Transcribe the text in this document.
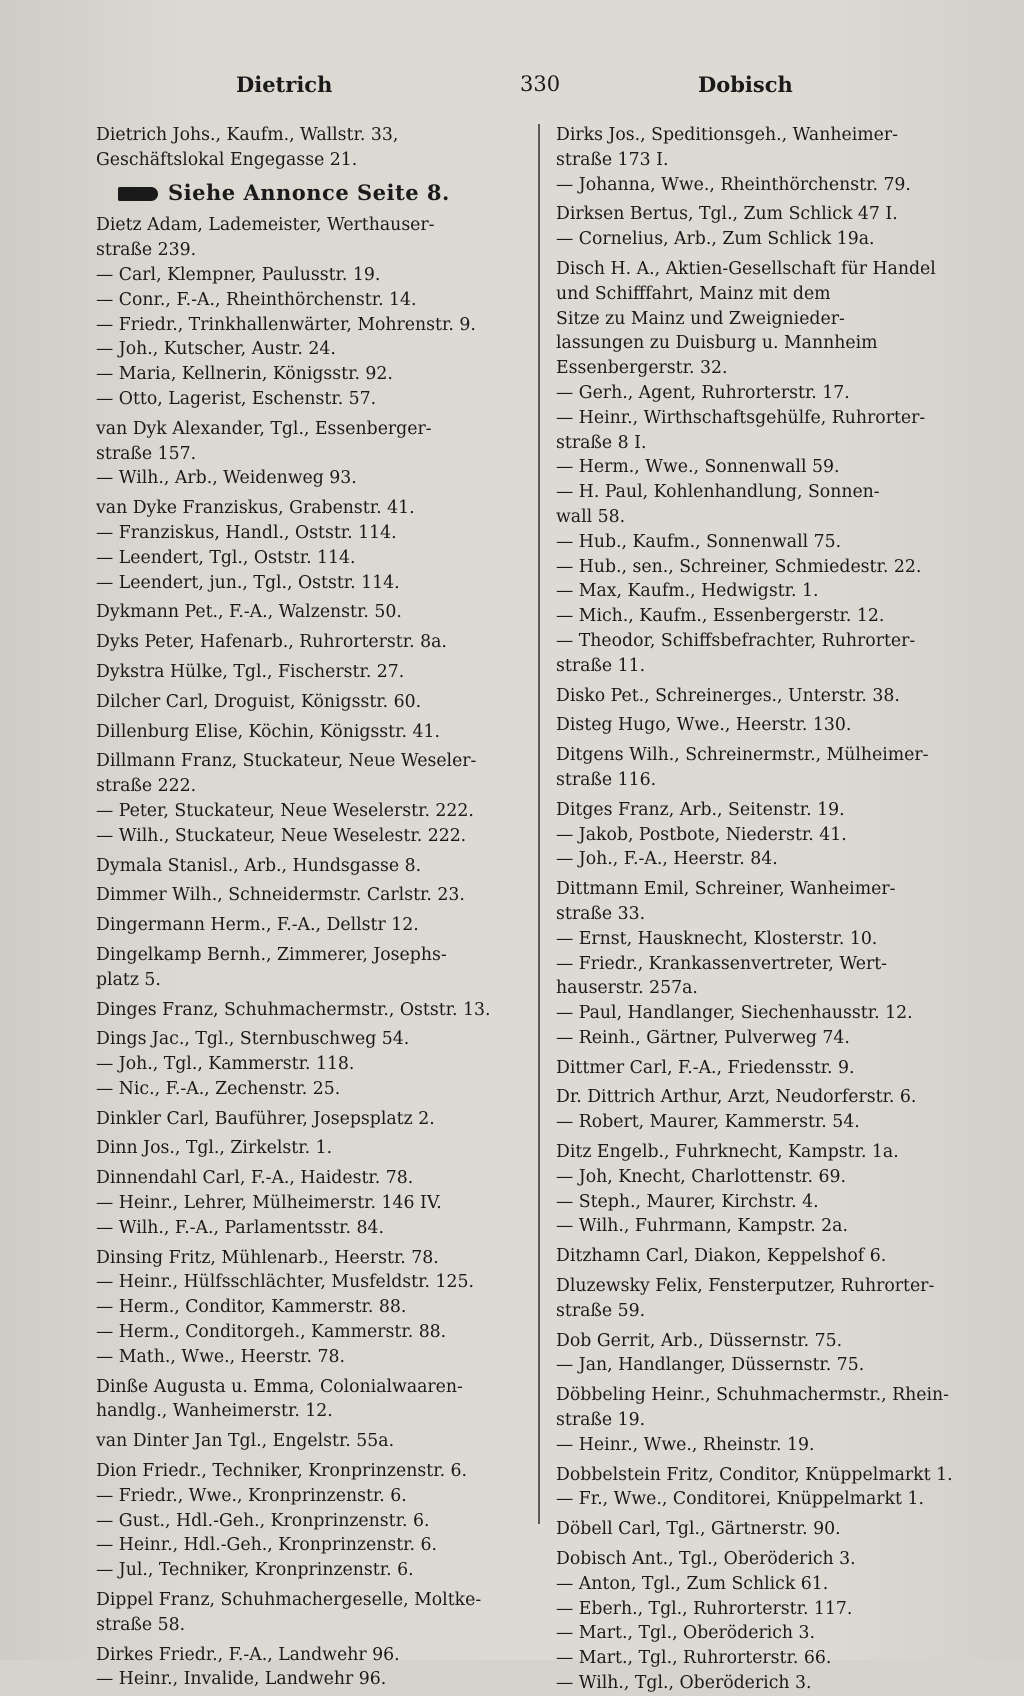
Dietrich	330	Dobisch
Dietrich Johs., Kaufm., Wallstr. 33,
Geschäftslokal Engegasse 21.
Siehe Annonce Seite 8.
Dietz Adam, Lademeister, Werthauser-
straße 239.
— Carl, Klempner, Paulusstr. 19.
— Conr., F.-A., Rheinthörchenstr. 14.
— Friedr., Trinkhallenwärter, Mohrenstr. 9.
— Joh., Kutscher, Austr. 24.
— Maria, Kellnerin, Königsstr. 92.
— Otto, Lagerist, Eschenstr. 57.
van Dyk Alexander, Tgl., Essenberger-
straße 157.
— Wilh., Arb., Weidenweg 93.
van Dyke Franziskus, Grabenstr. 41.
— Franziskus, Handl., Oststr. 114.
— Leendert, Tgl., Oststr. 114.
— Leendert, jun., Tgl., Oststr. 114.
Dykmann Pet., F.-A., Walzenstr. 50.
Dyks Peter, Hafenarb., Ruhrorterstr. 8a.
Dykstra Hülke, Tgl., Fischerstr. 27.
Dilcher Carl, Droguist, Königsstr. 60.
Dillenburg Elise, Köchin, Königsstr. 41.
Dillmann Franz, Stuckateur, Neue Weseler-
straße 222.
— Peter, Stuckateur, Neue Weselerstr. 222.
— Wilh., Stuckateur, Neue Weselestr. 222.
Dymala Stanisl., Arb., Hundsgasse 8.
Dimmer Wilh., Schneidermstr. Carlstr. 23.
Dingermann Herm., F.-A., Dellstr 12.
Dingelkamp Bernh., Zimmerer, Josephs-
platz 5.
Dinges Franz, Schuhmachermstr., Oststr. 13.
Dings Jac., Tgl., Sternbuschweg 54.
— Joh., Tgl., Kammerstr. 118.
— Nic., F.-A., Zechenstr. 25.
Dinkler Carl, Bauführer, Josepsplatz 2.
Dinn Jos., Tgl., Zirkelstr. 1.
Dinnendahl Carl, F.-A., Haidestr. 78.
— Heinr., Lehrer, Mülheimerstr. 146 IV.
— Wilh., F.-A., Parlamentsstr. 84.
Dinsing Fritz, Mühlenarb., Heerstr. 78.
— Heinr., Hülfsschlächter, Musfeldstr. 125.
— Herm., Conditor, Kammerstr. 88.
— Herm., Conditorgeh., Kammerstr. 88.
— Math., Wwe., Heerstr. 78.
Dinße Augusta u. Emma, Colonialwaaren-
handlg., Wanheimerstr. 12.
van Dinter Jan Tgl., Engelstr. 55a.
Dion Friedr., Techniker, Kronprinzenstr. 6.
— Friedr., Wwe., Kronprinzenstr. 6.
— Gust., Hdl.-Geh., Kronprinzenstr. 6.
— Heinr., Hdl.-Geh., Kronprinzenstr. 6.
— Jul., Techniker, Kronprinzenstr. 6.
Dippel Franz, Schuhmachergeselle, Moltke-
straße 58.
Dirkes Friedr., F.-A., Landwehr 96.
— Heinr., Invalide, Landwehr 96.
Dirks Jos., Speditionsgeh., Wanheimer-
straße 173 I.
— Johanna, Wwe., Rheinthörchenstr. 79.
Dirksen Bertus, Tgl., Zum Schlick 47 I.
— Cornelius, Arb., Zum Schlick 19a.
Disch H. A., Aktien-Gesellschaft für Handel
und Schifffahrt, Mainz mit dem
Sitze zu Mainz und Zweignieder-
lassungen zu Duisburg u. Mannheim
Essenbergerstr. 32.
— Gerh., Agent, Ruhrorterstr. 17.
— Heinr., Wirthschaftsgehülfe, Ruhrorter-
straße 8 I.
— Herm., Wwe., Sonnenwall 59.
— H. Paul, Kohlenhandlung, Sonnen-
wall 58.
— Hub., Kaufm., Sonnenwall 75.
— Hub., sen., Schreiner, Schmiedestr. 22.
— Max, Kaufm., Hedwigstr. 1.
— Mich., Kaufm., Essenbergerstr. 12.
— Theodor, Schiffsbefrachter, Ruhrorter-
straße 11.
Disko Pet., Schreinerges., Unterstr. 38.
Disteg Hugo, Wwe., Heerstr. 130.
Ditgens Wilh., Schreinermstr., Mülheimer-
straße 116.
Ditges Franz, Arb., Seitenstr. 19.
— Jakob, Postbote, Niederstr. 41.
— Joh., F.-A., Heerstr. 84.
Dittmann Emil, Schreiner, Wanheimer-
straße 33.
— Ernst, Hausknecht, Klosterstr. 10.
— Friedr., Krankassenvertreter, Wert-
hauserstr. 257a.
— Paul, Handlanger, Siechenhausstr. 12.
— Reinh., Gärtner, Pulverweg 74.
Dittmer Carl, F.-A., Friedensstr. 9.
Dr. Dittrich Arthur, Arzt, Neudorferstr. 6.
— Robert, Maurer, Kammerstr. 54.
Ditz Engelb., Fuhrknecht, Kampstr. 1a.
— Joh, Knecht, Charlottenstr. 69.
— Steph., Maurer, Kirchstr. 4.
— Wilh., Fuhrmann, Kampstr. 2a.
Ditzhamn Carl, Diakon, Keppelshof 6.
Dluzewsky Felix, Fensterputzer, Ruhrorter-
straße 59.
Dob Gerrit, Arb., Düssernstr. 75.
— Jan, Handlanger, Düssernstr. 75.
Döbbeling Heinr., Schuhmachermstr., Rhein-
straße 19.
— Heinr., Wwe., Rheinstr. 19.
Dobbelstein Fritz, Conditor, Knüppelmarkt 1.
— Fr., Wwe., Conditorei, Knüppelmarkt 1.
Döbell Carl, Tgl., Gärtnerstr. 90.
Dobisch Ant., Tgl., Oberöderich 3.
— Anton, Tgl., Zum Schlick 61.
— Eberh., Tgl., Ruhrorterstr. 117.
— Mart., Tgl., Oberöderich 3.
— Mart., Tgl., Ruhrorterstr. 66.
— Wilh., Tgl., Oberöderich 3.
